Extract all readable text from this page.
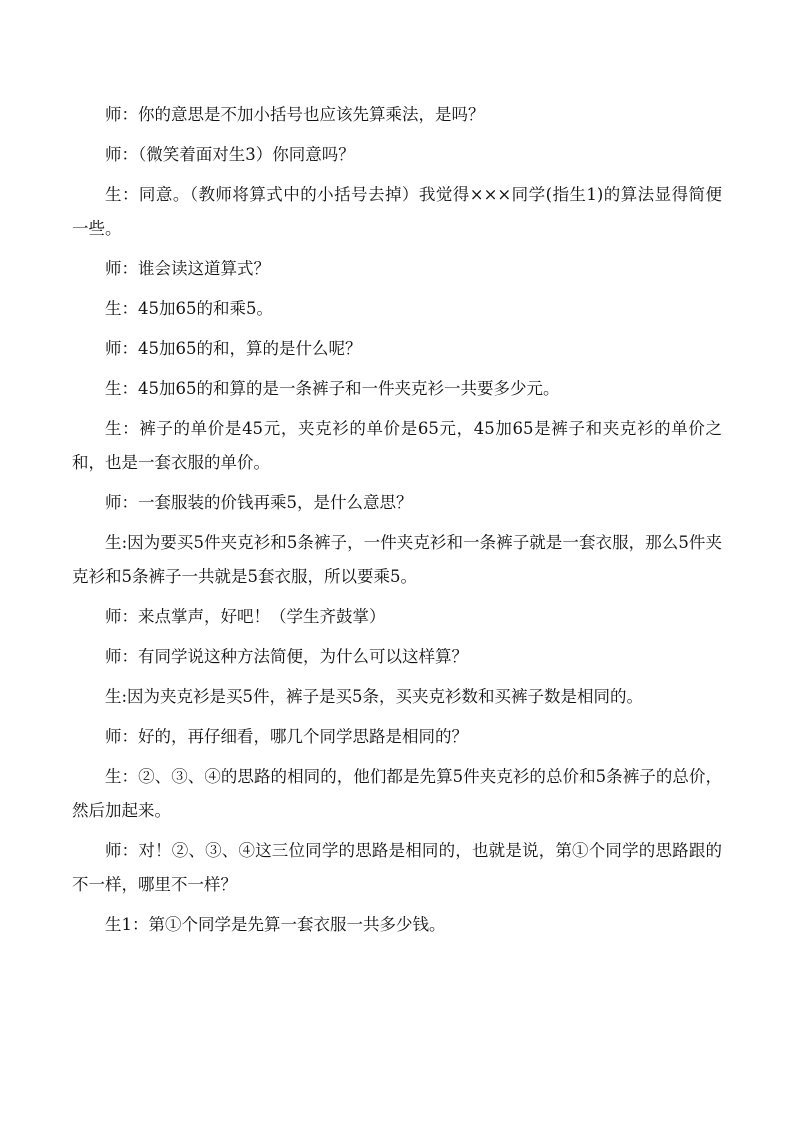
师：你的意思是不加小括号也应该先算乘法，是吗？

师：（微笑着面对生3）你同意吗？

生：同意。（教师将算式中的小括号去掉）我觉得×××同学(指生1)的算法显得简便一些。

师：谁会读这道算式？

生：45加65的和乘5。

师：45加65的和，算的是什么呢？

生：45加65的和算的是一条裤子和一件夹克衫一共要多少元。

生：裤子的单价是45元，夹克衫的单价是65元，45加65是裤子和夹克衫的单价之和，也是一套衣服的单价。

师：一套服装的价钱再乘5，是什么意思？

生:因为要买5件夹克衫和5条裤子，一件夹克衫和一条裤子就是一套衣服，那么5件夹克衫和5条裤子一共就是5套衣服，所以要乘5。

师：来点掌声，好吧！（学生齐鼓掌）

师：有同学说这种方法简便，为什么可以这样算？

生:因为夹克衫是买5件，裤子是买5条，买夹克衫数和买裤子数是相同的。

师：好的，再仔细看，哪几个同学思路是相同的？

生：②、③、④的思路的相同的，他们都是先算5件夹克衫的总价和5条裤子的总价，然后加起来。

师：对！②、③、④这三位同学的思路是相同的，也就是说，第①个同学的思路跟的不一样，哪里不一样？

生1：第①个同学是先算一套衣服一共多少钱。
